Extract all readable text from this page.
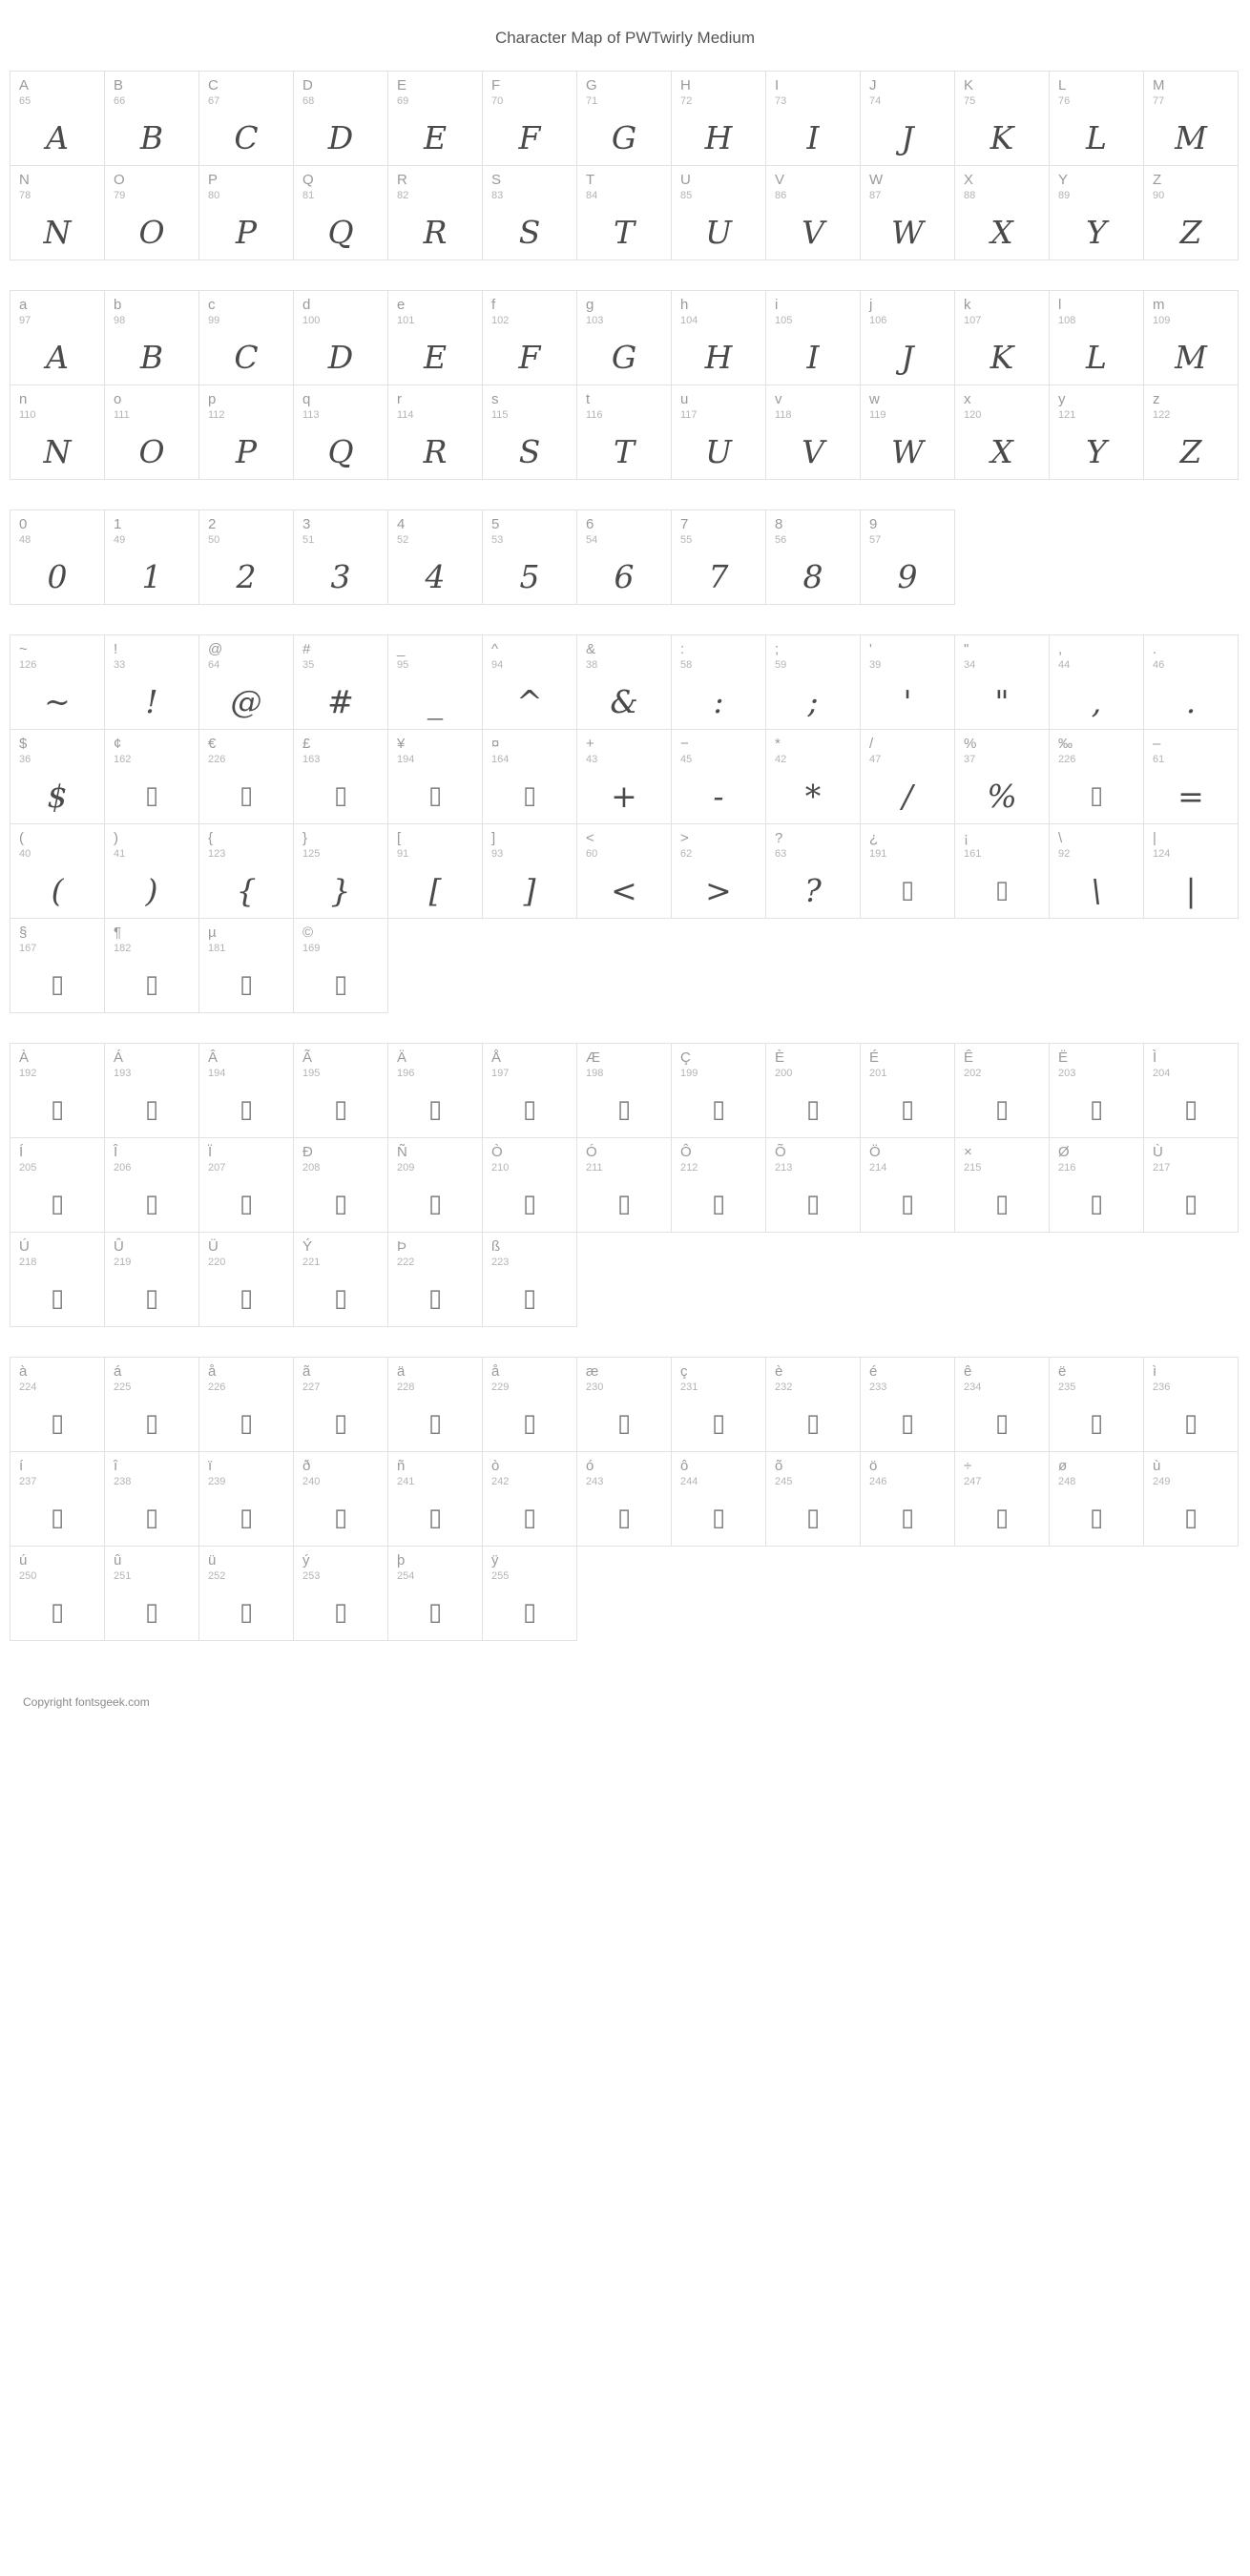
Character Map of PWTwirly Medium
A
65
A
B
66
B
C
67
C
D
68
D
E
69
E
F
70
F
G
71
G
H
72
H
I
73
I
J
74
J
K
75
K
L
76
L
M
77
M
N
78
N
O
79
O
P
80
P
Q
81
Q
R
82
R
S
83
S
T
84
T
U
85
U
V
86
V
W
87
W
X
88
X
Y
89
Y
Z
90
Z
a
97
A
b
98
B
c
99
C
d
100
D
e
101
E
f
102
F
g
103
G
h
104
H
i
105
I
j
106
J
k
107
K
l
108
L
m
109
M
n
110
N
o
111
O
p
112
P
q
113
Q
r
114
R
s
115
S
t
116
T
u
117
U
v
118
V
w
119
W
x
120
X
y
121
Y
z
122
Z
0
48
0
1
49
1
2
50
2
3
51
3
4
52
4
5
53
5
6
54
6
7
55
7
8
56
8
9
57
9
~
126
~
!
33
!
@
64
@
#
35
#
_
95
_
^
94
^
&
38
&
:
58
:
;
59
;
'
39
'
"
34
"
,
44
,
.
46
.
$
36
$
¢
162
▯
€
226
▯
£
163
▯
¥
194
▯
¤
164
▯
+
43
+
−
45
-
*
42
*
/
47
/
%
37
%
‰
226
▯
–
61
=
(
40
(
)
41
)
{
123
{
}
125
}
[
91
[
]
93
]
<
60
<
>
62
>
?
63
?
¿
191
▯
¡
161
▯
\
92
\
|
124
|
§
167
▯
¶
182
▯
µ
181
▯
©
169
▯
À
192
▯
Á
193
▯
Â
194
▯
Ã
195
▯
Ä
196
▯
Å
197
▯
Æ
198
▯
Ç
199
▯
È
200
▯
É
201
▯
Ê
202
▯
Ë
203
▯
Ì
204
▯
Í
205
▯
Î
206
▯
Ï
207
▯
Ð
208
▯
Ñ
209
▯
Ò
210
▯
Ó
211
▯
Ô
212
▯
Õ
213
▯
Ö
214
▯
×
215
▯
Ø
216
▯
Ù
217
▯
Ú
218
▯
Û
219
▯
Ü
220
▯
Ý
221
▯
Þ
222
▯
ß
223
▯
à
224
▯
á
225
▯
å
226
▯
ã
227
▯
ä
228
▯
å
229
▯
æ
230
▯
ç
231
▯
è
232
▯
é
233
▯
ê
234
▯
ë
235
▯
ì
236
▯
í
237
▯
î
238
▯
ï
239
▯
ð
240
▯
ñ
241
▯
ò
242
▯
ó
243
▯
ô
244
▯
õ
245
▯
ö
246
▯
÷
247
▯
ø
248
▯
ù
249
▯
ú
250
▯
û
251
▯
ü
252
▯
ý
253
▯
þ
254
▯
ÿ
255
▯
Copyright fontsgeek.com
